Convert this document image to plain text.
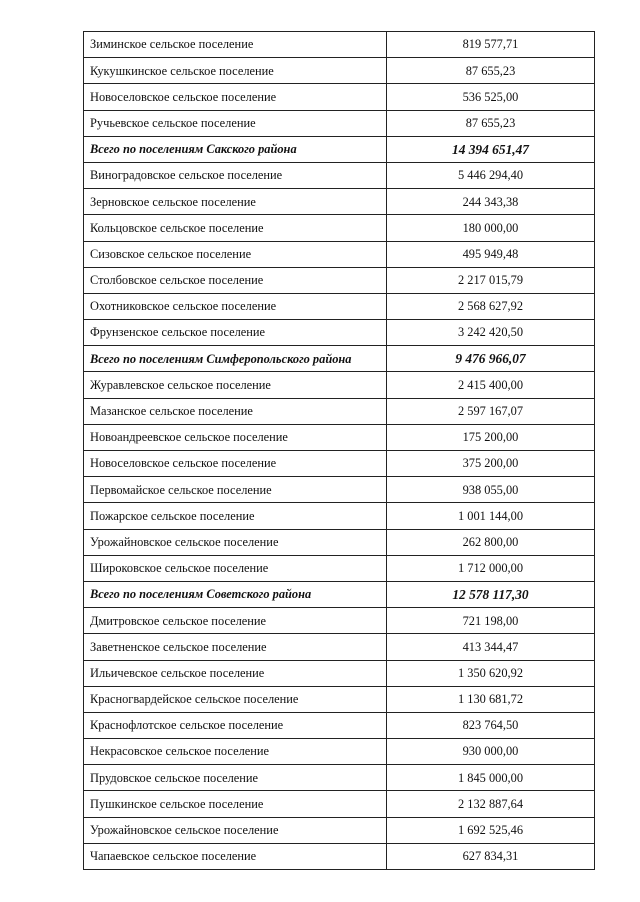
Зиминское сельское поселение	819 577,71
Кукушкинское сельское поселение	87 655,23
Новоселовское сельское поселение	536 525,00
Ручьевское сельское поселение	87 655,23
Всего по поселениям Сакского района	14 394 651,47
Виноградовское сельское поселение	5 446 294,40
Зерновское сельское поселение	244 343,38
Кольцовское сельское поселение	180 000,00
Сизовское сельское поселение	495 949,48
Столбовское сельское поселение	2 217 015,79
Охотниковское сельское поселение	2 568 627,92
Фрунзенское сельское поселение	3 242 420,50
Всего по поселениям Симферопольского района	9 476 966,07
Журавлевское сельское поселение	2 415 400,00
Мазанское сельское поселение	2 597 167,07
Новоандреевское сельское поселение	175 200,00
Новоселовское сельское поселение	375 200,00
Первомайское сельское поселение	938 055,00
Пожарское сельское поселение	1 001 144,00
Урожайновское сельское поселение	262 800,00
Широковское сельское поселение	1 712 000,00
Всего по поселениям Советского района	12 578 117,30
Дмитровское сельское поселение	721 198,00
Заветненское сельское поселение	413 344,47
Ильичевское сельское поселение	1 350 620,92
Красногвардейское сельское поселение	1 130 681,72
Краснофлотское сельское поселение	823 764,50
Некрасовское сельское поселение	930 000,00
Прудовское сельское поселение	1 845 000,00
Пушкинское сельское поселение	2 132 887,64
Урожайновское сельское поселение	1 692 525,46
Чапаевское сельское поселение	627 834,31
